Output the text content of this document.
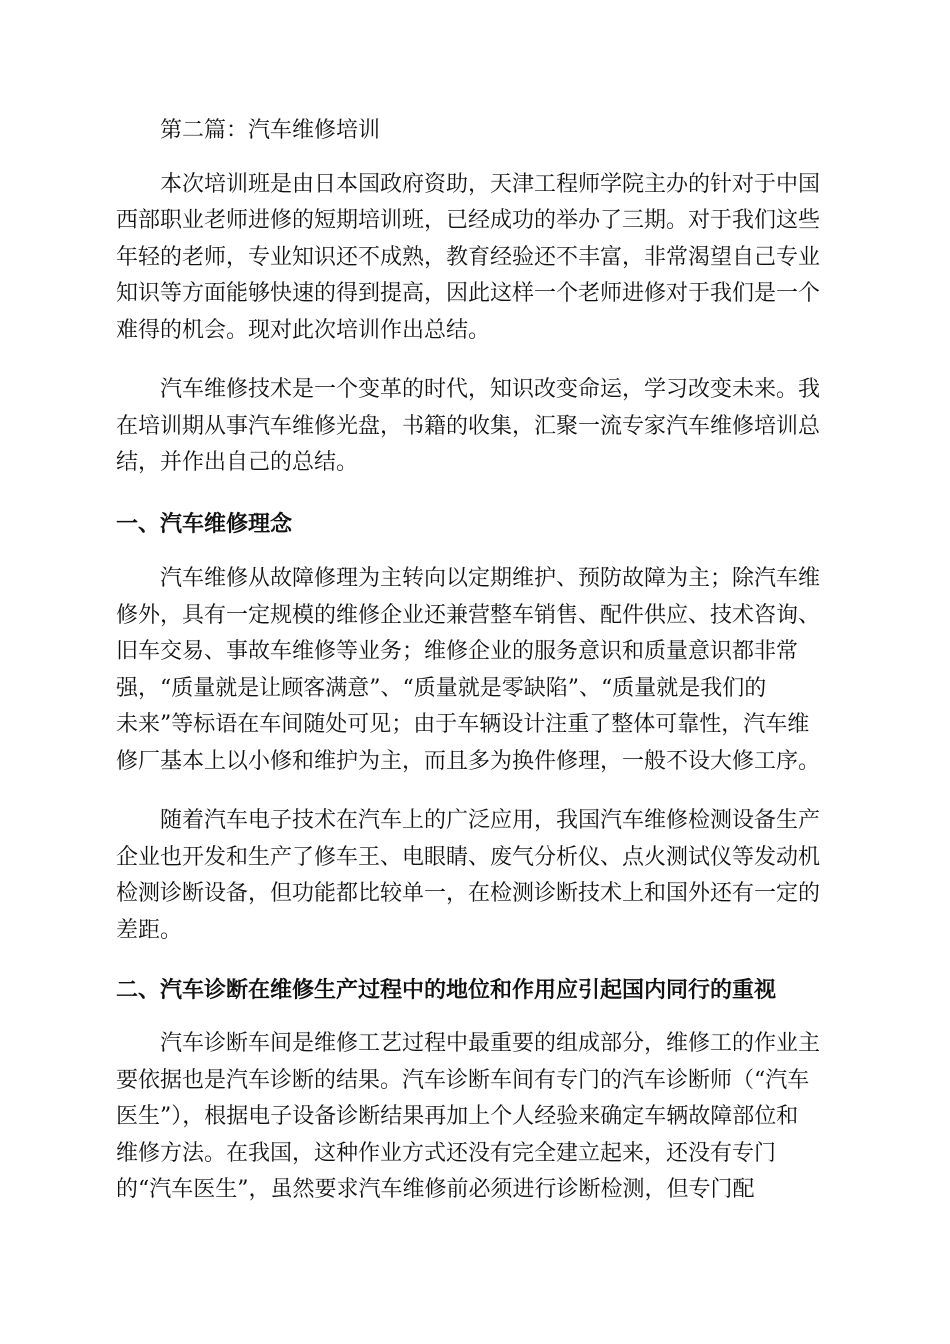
第二篇：汽车维修培训
本次培训班是由日本国政府资助，天津工程师学院主办的针对于中国
西部职业老师进修的短期培训班，已经成功的举办了三期。对于我们这些
年轻的老师，专业知识还不成熟，教育经验还不丰富，非常渴望自己专业
知识等方面能够快速的得到提高，因此这样一个老师进修对于我们是一个
难得的机会。现对此次培训作出总结。
汽车维修技术是一个变革的时代，知识改变命运，学习改变未来。我
在培训期从事汽车维修光盘，书籍的收集，汇聚一流专家汽车维修培训总
结，并作出自己的总结。
一、汽车维修理念
汽车维修从故障修理为主转向以定期维护、预防故障为主；除汽车维
修外，具有一定规模的维修企业还兼营整车销售、配件供应、技术咨询、
旧车交易、事故车维修等业务；维修企业的服务意识和质量意识都非常
强，“质量就是让顾客满意”、“质量就是零缺陷”、“质量就是我们的
未来”等标语在车间随处可见；由于车辆设计注重了整体可靠性，汽车维
修厂基本上以小修和维护为主，而且多为换件修理，一般不设大修工序。
随着汽车电子技术在汽车上的广泛应用，我国汽车维修检测设备生产
企业也开发和生产了修车王、电眼睛、废气分析仪、点火测试仪等发动机
检测诊断设备，但功能都比较单一，在检测诊断技术上和国外还有一定的
差距。
二、汽车诊断在维修生产过程中的地位和作用应引起国内同行的重视
汽车诊断车间是维修工艺过程中最重要的组成部分，维修工的作业主
要依据也是汽车诊断的结果。汽车诊断车间有专门的汽车诊断师（“汽车
医生”），根据电子设备诊断结果再加上个人经验来确定车辆故障部位和
维修方法。在我国，这种作业方式还没有完全建立起来，还没有专门
的“汽车医生”，虽然要求汽车维修前必须进行诊断检测，但专门配
